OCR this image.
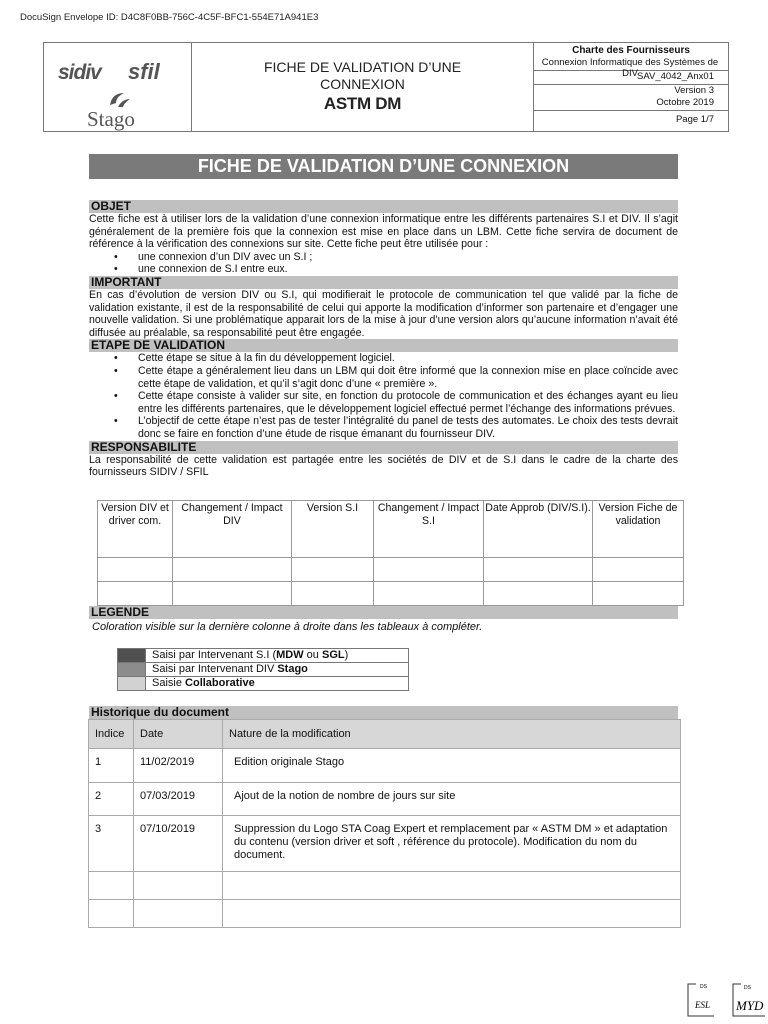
DocuSign Envelope ID: D4C8F0BB-756C-4C5F-BFC1-554E71A941E3
sidiv sfil
Stago
FICHE DE VALIDATION D’UNE
CONNEXION
ASTM DM
Charte des Fournisseurs
Connexion Informatique des Systèmes de DIV SAV_4042_Anx01
Version 3
Octobre 2019
Page 1/7
FICHE DE VALIDATION D’UNE CONNEXION
OBJET
Cette fiche est à utiliser lors de la validation d’une connexion informatique entre les différents partenaires S.I et DIV. Il s’agit généralement de la première fois que la connexion est mise en place dans un LBM. Cette fiche servira de document de référence à la vérification des connexions sur site. Cette fiche peut être utilisée pour :
• une connexion d’un DIV avec un S.I ;
• une connexion de S.I entre eux.
IMPORTANT
En cas d’évolution de version DIV ou S.I, qui modifierait le protocole de communication tel que validé par la fiche de validation existante, il est de la responsabilité de celui qui apporte la modification d’informer son partenaire et d’engager une nouvelle validation. Si une problématique apparait lors de la mise à jour d’une version alors qu’aucune information n’avait été diffusée au préalable, sa responsabilité peut être engagée.
ETAPE DE VALIDATION
• Cette étape se situe à la fin du développement logiciel.
• Cette étape a généralement lieu dans un LBM qui doit être informé que la connexion mise en place coïncide avec cette étape de validation, et qu’il s’agit donc d’une « première ».
• Cette étape consiste à valider sur site, en fonction du protocole de communication et des échanges ayant eu lieu entre les différents partenaires, que le développement logiciel effectué permet l’échange des informations prévues.
• L’objectif de cette étape n’est pas de tester l’intégralité du panel de tests des automates. Le choix des tests devrait donc se faire en fonction d’une étude de risque émanant du fournisseur DIV.
RESPONSABILITE
La responsabilité de cette validation est partagée entre les sociétés de DIV et de S.I dans le cadre de la charte des fournisseurs SIDIV / SFIL
Version DIV et driver com.	Changement / Impact DIV	Version S.I	Changement / Impact S.I	Date Approb (DIV/S.I).	Version Fiche de validation

LEGENDE
Coloration visible sur la dernière colonne à droite dans les tableaux à compléter.
	Saisi par Intervenant S.I (MDW ou SGL)
	Saisi par Intervenant DIV Stago
	Saisie Collaborative
Historique du document
Indice	Date	Nature de la modification
1	11/02/2019	Edition originale Stago
2	07/03/2019	Ajout de la notion de nombre de jours sur site
3	07/10/2019	Suppression du Logo STA Coag Expert et remplacement par « ASTM DM » et adaptation du contenu (version driver et soft , référence du protocole). Modification du nom du document.

DS
ESL
DS
MYD
